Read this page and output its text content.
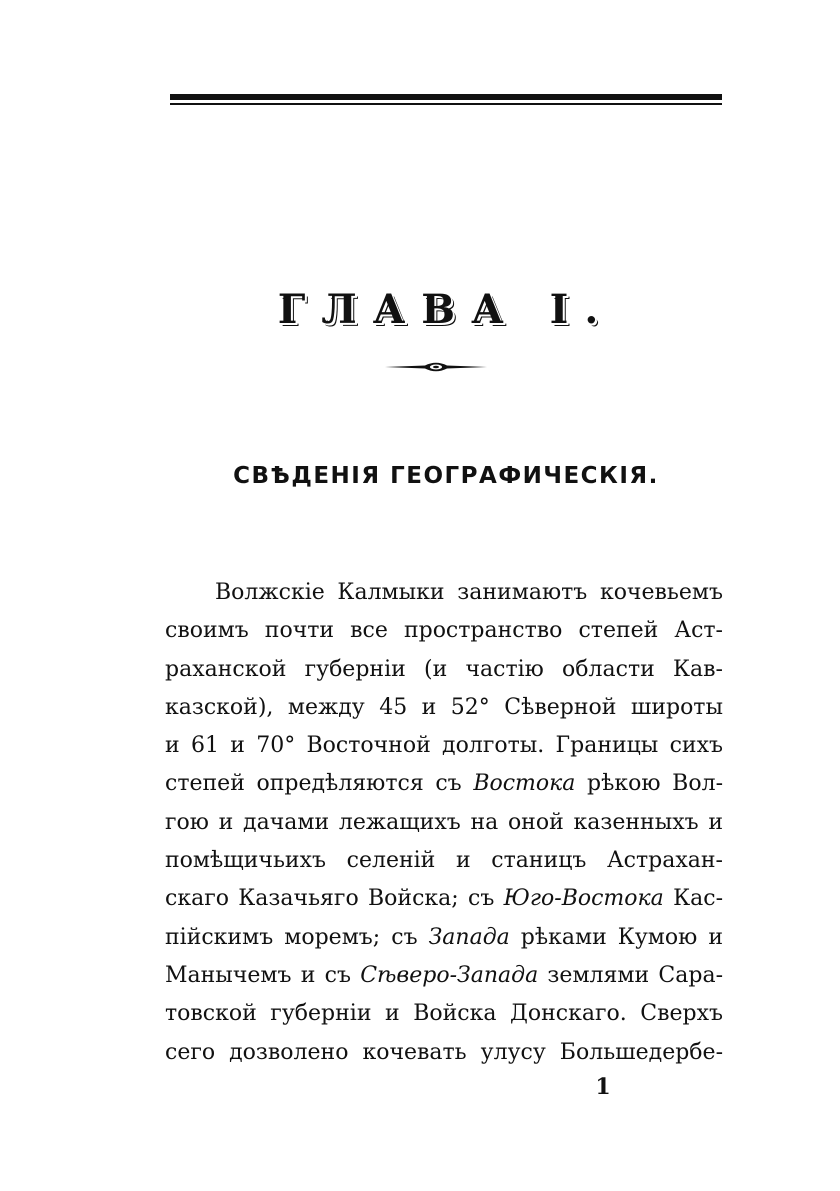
ГЛАВА I.
СВѢДЕНІЯ ГЕОГРАФИЧЕСКІЯ.
Волжскіе Калмыки занимаютъ кочевьемъ
своимъ почти все пространство степей Аст-
раханской губерніи (и частію области Кав-
казской), между 45 и 52° Сѣверной широты
и 61 и 70° Восточной долготы. Границы сихъ
степей опредѣляются съ Востока рѣкою Вол-
гою и дачами лежащихъ на оной казенныхъ и
помѣщичьихъ селеній и станицъ Астрахан-
скаго Казачьяго Войска; съ Юго-Востока Кас-
пійскимъ моремъ; съ Запада рѣками Кумою и
Манычемъ и съ Сѣверо-Запада землями Сара-
товской губерніи и Войска Донскаго. Сверхъ
сего дозволено кочевать улусу Большедербе-
1
